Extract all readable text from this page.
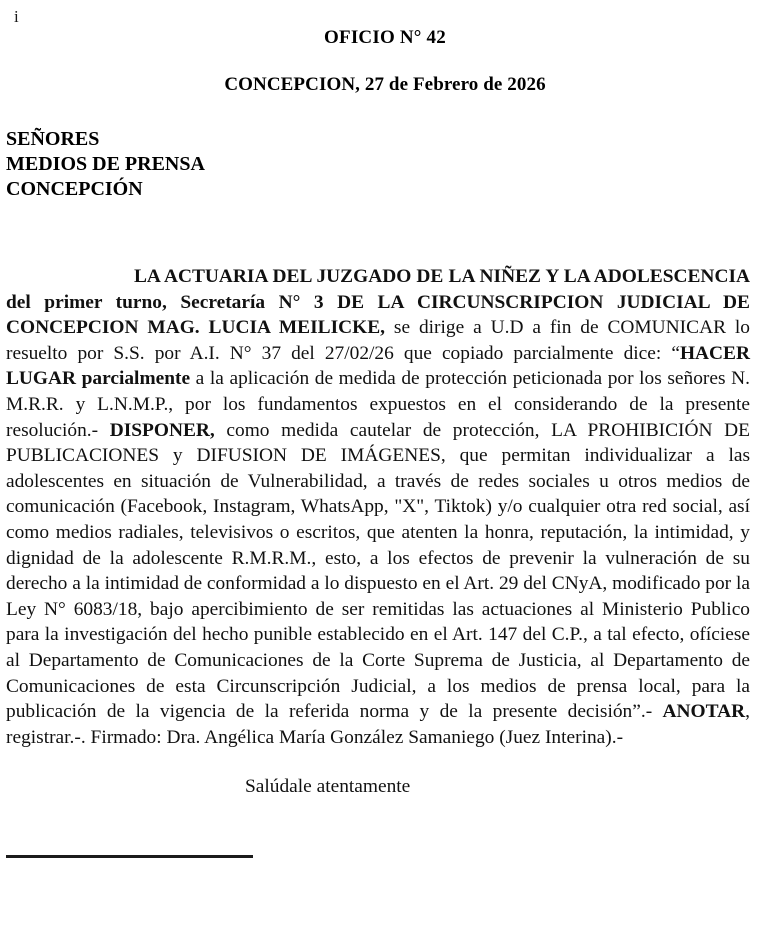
i
OFICIO N° 42
CONCEPCION, 27 de Febrero de 2026
SEÑORES
MEDIOS DE PRENSA
CONCEPCIÓN
LA ACTUARIA DEL JUZGADO DE LA NIÑEZ Y LA ADOLESCENCIA del primer turno, Secretaría N° 3 DE LA CIRCUNSCRIPCION JUDICIAL DE CONCEPCION MAG. LUCIA MEILICKE, se dirige a U.D a fin de COMUNICAR lo resuelto por S.S. por A.I. N° 37 del 27/02/26 que copiado parcialmente dice: “HACER LUGAR parcialmente a la aplicación de medida de protección peticionada por los señores N. M.R.R. y L.N.M.P., por los fundamentos expuestos en el considerando de la presente resolución.- DISPONER, como medida cautelar de protección, LA PROHIBICIÓN DE PUBLICACIONES y DIFUSION DE IMÁGENES, que permitan individualizar a las adolescentes en situación de Vulnerabilidad, a través de redes sociales u otros medios de comunicación (Facebook, Instagram, WhatsApp, "X", Tiktok) y/o cualquier otra red social, así como medios radiales, televisivos o escritos, que atenten la honra, reputación, la intimidad, y dignidad de la adolescente R.M.R.M., esto, a los efectos de prevenir la vulneración de su derecho a la intimidad de conformidad a lo dispuesto en el Art. 29 del CNyA, modificado por la Ley N° 6083/18, bajo apercibimiento de ser remitidas las actuaciones al Ministerio Publico para la investigación del hecho punible establecido en el Art. 147 del C.P., a tal efecto, ofíciese al Departamento de Comunicaciones de la Corte Suprema de Justicia, al Departamento de Comunicaciones de esta Circunscripción Judicial, a los medios de prensa local, para la publicación de la vigencia de la referida norma y de la presente decisión”.- ANOTAR, registrar.-. Firmado: Dra. Angélica María González Samaniego (Juez Interina).-
Salúdale atentamente
